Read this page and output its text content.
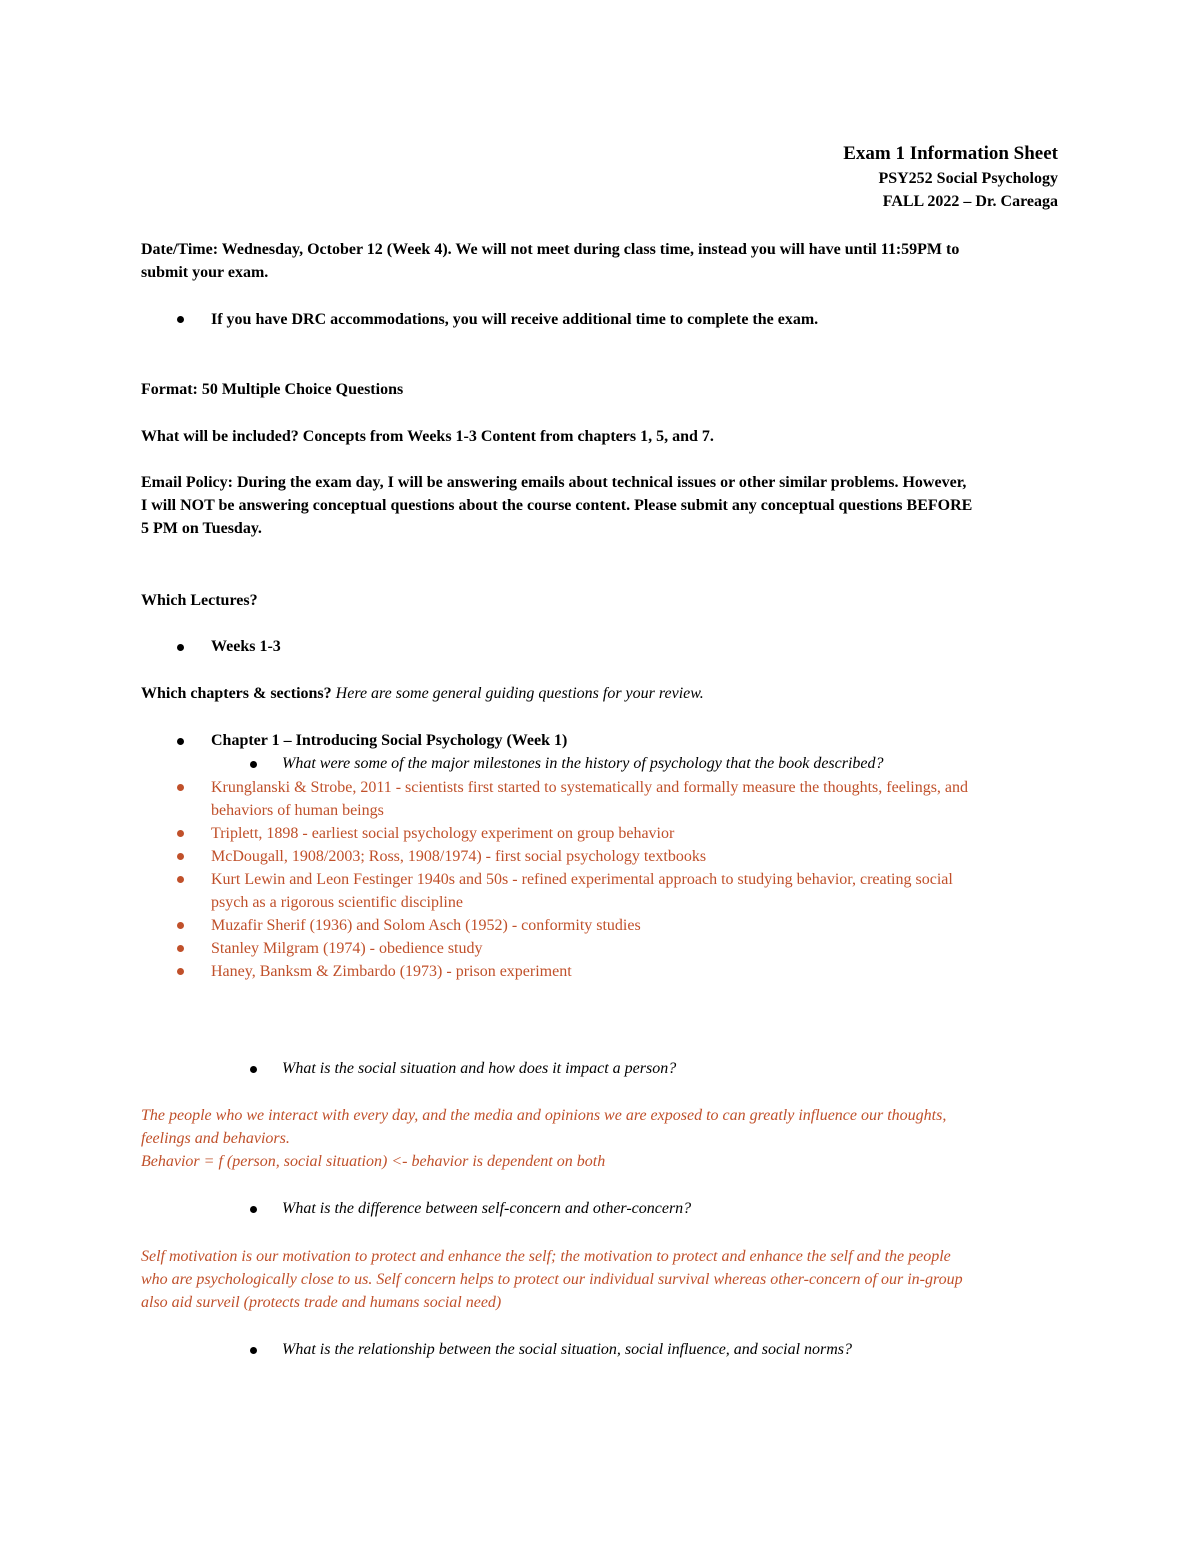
Exam 1 Information Sheet
PSY252 Social Psychology
FALL 2022 – Dr. Careaga
Date/Time: Wednesday, October 12 (Week 4). We will not meet during class time, instead you will have until 11:59PM to
submit your exam.
If you have DRC accommodations, you will receive additional time to complete the exam.
Format: 50 Multiple Choice Questions
What will be included? Concepts from Weeks 1-3 Content from chapters 1, 5, and 7.
Email Policy: During the exam day, I will be answering emails about technical issues or other similar problems. However,
I will NOT be answering conceptual questions about the course content. Please submit any conceptual questions BEFORE
5 PM on Tuesday.
Which Lectures?
Weeks 1-3
Which chapters & sections? Here are some general guiding questions for your review.
Chapter 1 – Introducing Social Psychology (Week 1)
What were some of the major milestones in the history of psychology that the book described?
Krunglanski & Strobe, 2011 - scientists first started to systematically and formally measure the thoughts, feelings, and
behaviors of human beings
Triplett, 1898 - earliest social psychology experiment on group behavior
McDougall, 1908/2003; Ross, 1908/1974) - first social psychology textbooks
Kurt Lewin and Leon Festinger 1940s and 50s - refined experimental approach to studying behavior, creating social
psych as a rigorous scientific discipline
Muzafir Sherif (1936) and Solom Asch (1952) - conformity studies
Stanley Milgram (1974) - obedience study
Haney, Banksm & Zimbardo (1973) - prison experiment
What is the social situation and how does it impact a person?
The people who we interact with every day, and the media and opinions we are exposed to can greatly influence our thoughts,
feelings and behaviors.
Behavior = f (person, social situation) <- behavior is dependent on both
What is the difference between self-concern and other-concern?
Self motivation is our motivation to protect and enhance the self; the motivation to protect and enhance the self and the people
who are psychologically close to us. Self concern helps to protect our individual survival whereas other-concern of our in-group
also aid surveil (protects trade and humans social need)
What is the relationship between the social situation, social influence, and social norms?
